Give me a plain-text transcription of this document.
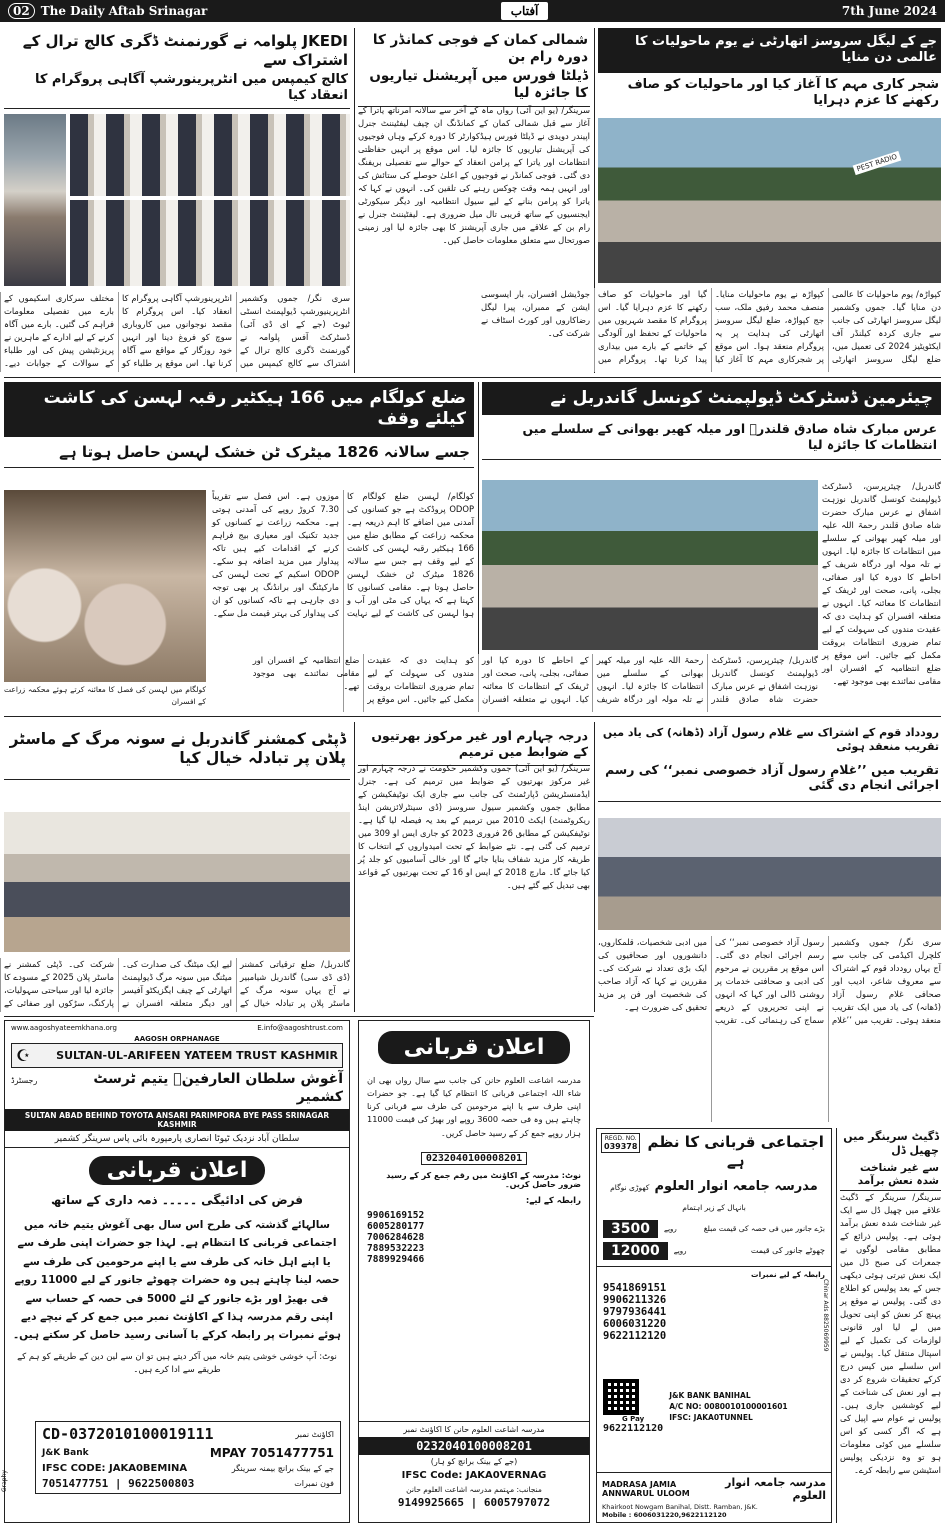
02 The Daily Aftab Srinagar	آفتاب	7th June 2024
JKEDI پلوامہ نے گورنمنٹ ڈگری کالج ترال کے اشتراک سے
کالج کیمپس میں انٹرپرینورشپ آگاہی پروگرام کا انعقاد کیا
سری نگر/ جموں وکشمیر انٹرپرینیورشپ ڈیولپمنٹ انسٹی ٹیوٹ (جے کے ای ڈی آئی) ڈسٹرکٹ آفس پلوامہ نے گورنمنٹ ڈگری کالج ترال کے اشتراک سے کالج کیمپس میں انٹرپرینورشپ آگاہی پروگرام کا انعقاد کیا۔ اس پروگرام کا مقصد نوجوانوں میں کاروباری سوچ کو فروغ دینا اور انہیں خود روزگار کے مواقع سے آگاہ کرنا تھا۔ اس موقع پر طلباء کو مختلف سرکاری اسکیموں کے بارے میں تفصیلی معلومات فراہم کی گئیں۔ بارے میں آگاہ کرنے کے لیے ادارے کے ماہرین نے پریزنٹیشن پیش کی اور طلباء کے سوالات کے جوابات دیے۔
شمالی کمان کے فوجی کمانڈر کا دورہ رام بن
ڈیلٹا فورس میں آپریشنل تیاریوں کا جائزہ لیا
سرینگر/ (یو این آئی) رواں ماہ کے آخر سے سالانہ امرناتھ یاترا کے آغاز سے قبل شمالی کمان کے کمانڈنگ ان چیف لیفٹیننٹ جنرل اپیندر دویدی نے ڈیلٹا فورس ہیڈکوارٹر کا دورہ کرکے وہاں فوجیوں کی آپریشنل تیاریوں کا جائزہ لیا۔ اس موقع پر انہیں حفاظتی انتظامات اور یاترا کے پرامن انعقاد کے حوالے سے تفصیلی بریفنگ دی گئی۔ فوجی کمانڈر نے فوجیوں کے اعلیٰ حوصلے کی ستائش کی اور انہیں ہمہ وقت چوکس رہنے کی تلقین کی۔ انہوں نے کہا کہ یاترا کو پرامن بنانے کے لیے سیول انتظامیہ اور دیگر سیکورٹی ایجنسیوں کے ساتھ قریبی تال میل ضروری ہے۔ لیفٹیننٹ جنرل نے رام بن کے علاقے میں جاری آپریشنز کا بھی جائزہ لیا اور زمینی صورتحال سے متعلق معلومات حاصل کیں۔
جے کے لیگل سروسز اتھارٹی نے یوم ماحولیات کا عالمی دن منایا
شجر کاری مہم کا آغاز کیا اور ماحولیات کو صاف رکھنے کا عزم دہرایا
PEST RADIO
کپواڑہ/ یوم ماحولیات کا عالمی دن منایا گیا۔ جموں وکشمیر لیگل سروسز اتھارٹی کی جانب سے جاری کردہ کیلنڈر آف ایکٹویٹیز 2024 کی تعمیل میں، ضلع لیگل سروسز اتھارٹی کپواڑہ نے یوم ماحولیات منایا۔ منصف محمد رفیق ملک، سب جج کپواڑہ، ضلع لیگل سروسز اتھارٹی کی ہدایت پر یہ پروگرام منعقد ہوا۔ اس موقع پر شجرکاری مہم کا آغاز کیا گیا اور ماحولیات کو صاف رکھنے کا عزم دہرایا گیا۔ اس پروگرام کا مقصد شہریوں میں ماحولیات کے تحفظ اور آلودگی کے خاتمے کے بارے میں بیداری پیدا کرنا تھا۔ پروگرام میں جوڈیشل افسران، بار ایسوسی ایشن کے ممبران، پیرا لیگل رضاکاروں اور کورٹ اسٹاف نے شرکت کی۔
ضلع کولگام میں 166 ہیکٹیر رقبہ لہسن کی کاشت کیلئے وقف
جسے سالانہ 1826 میٹرک ٹن خشک لہسن حاصل ہوتا ہے
کولگام میں لہسن کی فصل کا معائنہ کرتے ہوئے محکمہ زراعت کے افسران
کولگام/ لہسن ضلع کولگام کا ODOP پروڈکٹ ہے جو کسانوں کی آمدنی میں اضافے کا اہم ذریعہ ہے۔ محکمہ زراعت کے مطابق ضلع میں 166 ہیکٹیر رقبہ لہسن کی کاشت کے لیے وقف ہے جس سے سالانہ 1826 میٹرک ٹن خشک لہسن حاصل ہوتا ہے۔ مقامی کسانوں کا کہنا ہے کہ یہاں کی مٹی اور آب و ہوا لہسن کی کاشت کے لیے نہایت موزوں ہے۔ اس فصل سے تقریباً 7.30 کروڑ روپے کی آمدنی ہوتی ہے۔ محکمہ زراعت نے کسانوں کو جدید تکنیک اور معیاری بیج فراہم کرنے کے اقدامات کیے ہیں تاکہ پیداوار میں مزید اضافہ ہو سکے۔ ODOP اسکیم کے تحت لہسن کی مارکیٹنگ اور برانڈنگ پر بھی توجہ دی جارہی ہے تاکہ کسانوں کو ان کی پیداوار کی بہتر قیمت مل سکے۔
چیئرمین ڈسٹرکٹ ڈیولپمنٹ کونسل گاندربل نے
عرس مبارک شاہ صادق قلندرؒ اور میلہ کھیر بھوانی کے سلسلے میں انتظامات کا جائزہ لیا
گاندربل/ چیئرپرسن، ڈسٹرکٹ ڈیولپمنٹ کونسل گاندربل نوزہت اشفاق نے عرس مبارک حضرت شاہ صادق قلندر رحمۃ اللہ علیہ اور میلہ کھیر بھوانی کے سلسلے میں انتظامات کا جائزہ لیا۔ انہوں نے تلہ مولہ اور درگاہ شریف کے احاطے کا دورہ کیا اور صفائی، بجلی، پانی، صحت اور ٹریفک کے انتظامات کا معائنہ کیا۔ انہوں نے متعلقہ افسران کو ہدایت دی کہ عقیدت مندوں کی سہولت کے لیے تمام ضروری انتظامات بروقت مکمل کیے جائیں۔ اس موقع پر ضلع انتظامیہ کے افسران اور مقامی نمائندے بھی موجود تھے۔
گاندربل/ چیئرپرسن، ڈسٹرکٹ ڈیولپمنٹ کونسل گاندربل نوزہت اشفاق نے عرس مبارک حضرت شاہ صادق قلندر رحمۃ اللہ علیہ اور میلہ کھیر بھوانی کے سلسلے میں انتظامات کا جائزہ لیا۔ انہوں نے تلہ مولہ اور درگاہ شریف کے احاطے کا دورہ کیا اور صفائی، بجلی، پانی، صحت اور ٹریفک کے انتظامات کا معائنہ کیا۔ انہوں نے متعلقہ افسران کو ہدایت دی کہ عقیدت مندوں کی سہولت کے لیے تمام ضروری انتظامات بروقت مکمل کیے جائیں۔ اس موقع پر ضلع انتظامیہ کے افسران اور مقامی نمائندے بھی موجود تھے۔
ڈپٹی کمشنر گاندربل نے سونہ مرگ کے ماسٹر پلان پر تبادلہ خیال کیا
گاندربل/ ضلع ترقیاتی کمشنر (ڈی ڈی سی) گاندربل شیامبیر نے آج یہاں سونہ مرگ کے ماسٹر پلان پر تبادلہ خیال کے لیے ایک میٹنگ کی صدارت کی۔ میٹنگ میں سونہ مرگ ڈیولپمنٹ اتھارٹی کے چیف ایگزیکٹو آفیسر اور دیگر متعلقہ افسران نے شرکت کی۔ ڈپٹی کمشنر نے ماسٹر پلان 2025 کے مسودے کا جائزہ لیا اور سیاحتی سہولیات، پارکنگ، سڑکوں اور صفائی کے
درجہ چہارم اور غیر مرکوز بھرتیوں کے ضوابط میں ترمیم
سرینگر/ (یو این آئی) جموں وکشمیر حکومت نے درجہ چہارم اور غیر مرکوز بھرتیوں کے ضوابط میں ترمیم کی ہے۔ جنرل ایڈمنسٹریشن ڈپارٹمنٹ کی جانب سے جاری ایک نوٹیفکیشن کے مطابق جموں وکشمیر سیول سروسز (ڈی سینٹرلائزیشن اینڈ ریکروٹمنٹ) ایکٹ 2010 میں ترمیم کے بعد یہ فیصلہ لیا گیا ہے۔ نوٹیفکیشن کے مطابق 26 فروری 2023 کو جاری ایس او 309 میں ترمیم کی گئی ہے۔ نئے ضوابط کے تحت امیدواروں کے انتخاب کا طریقہ کار مزید شفاف بنایا جائے گا اور خالی آسامیوں کو جلد پُر کیا جائے گا۔ مارچ 2018 کے ایس او 16 کے تحت بھرتیوں کے قواعد بھی تبدیل کیے گئے ہیں۔
رودداد قوم کے اشتراک سے غلام رسول آزاد (ڈھانہ) کی یاد میں تقریب منعقد ہوئی
تقریب میں ’’غلام رسول آزاد خصوصی نمبر‘‘ کی رسم اجرائی انجام دی گئی
سری نگر/ جموں وکشمیر کلچرل اکیڈمی کی جانب سے آج یہاں رودداد قوم کے اشتراک سے معروف شاعر، ادیب اور صحافی غلام رسول آزاد (ڈھانہ) کی یاد میں ایک تقریب منعقد ہوئی۔ تقریب میں ’’غلام رسول آزاد خصوصی نمبر‘‘ کی رسم اجرائی انجام دی گئی۔ اس موقع پر مقررین نے مرحوم کی ادبی و صحافتی خدمات پر روشنی ڈالی اور کہا کہ انہوں نے اپنی تحریروں کے ذریعے سماج کی رہنمائی کی۔ تقریب میں ادبی شخصیات، قلمکاروں، دانشوروں اور صحافیوں کی ایک بڑی تعداد نے شرکت کی۔ مقررین نے کہا کہ آزاد صاحب کی شخصیت اور فن پر مزید تحقیق کی ضرورت ہے۔
www.aagoshyateemkhana.org	E.info@aagoshtrust.com
AAGOSH ORPHANAGE
☪ SULTAN-UL-ARIFEEN YATEEM TRUST KASHMIR
آغوش سلطان العارفینؒ یتیم ٹرسٹ کشمیر
رجسٹرڈ
SULTAN ABAD BEHIND TOYOTA ANSARI PARIMPORA BYE PASS SRINAGAR KASHMIR
سلطان آباد نزدیک ٹیوٹا انصاری پارمپورہ بائی پاس سرینگر کشمیر
اعلان قربانی
فرض کی ادائیگی ۔۔۔۔۔ ذمہ داری کے ساتھ
سالہائے گذشتہ کی طرح اس سال بھی آغوش یتیم خانہ میں اجتماعی قربانی کا انتظام ہے۔ لہذا جو حضرات اپنی طرف سے یا اپنے اہل خانہ کی طرف سے یا اپنے مرحومین کی طرف سے حصہ لینا چاہتے ہیں وہ حضرات چھوٹے جانور کے لیے 11000 روپے فی بھیڑ اور بڑے جانور کے لئے 5000 فی حصہ کے حساب سے اپنی رقم مدرسہ ہذا کے اکاؤنٹ نمبر میں جمع کر کے نیچے دیے ہوئے نمبرات پر رابطہ کرکے با آسانی رسید حاصل کر سکتے ہیں۔
نوٹ: آپ خوشی خوشی یتیم خانہ میں آکر دیتے ہیں تو ان سے لین دین کے طریقے کو ہم کے طریقے سے ادا کرے ہیں۔
CD-0372010100019111	اکاؤنٹ نمبر
J&K Bank	MPAY 7051477751
IFSC CODE: JAKA0BEMINA	جے کے بینک برانچ بیمنہ سرینگر
7051477751 | 9622500803	فون نمبرات
Graphy
اعلان قربانی
مدرسہ اشاعت العلوم حانن کی جانب سے سال رواں بھی ان شاء اللہ اجتماعی قربانی کا انتظام کیا گیا ہے۔ جو حضرات اپنی طرف سے یا اپنے مرحومین کی طرف سے قربانی کرنا چاہتے ہیں وہ فی حصہ 3600 روپے اور بھیڑ کی قیمت 11000 ہزار روپے جمع کر کے رسید حاصل کریں۔
0232040100008201
نوٹ: مدرسہ کے اکاؤنٹ میں رقم جمع کر کے رسید ضرور حاصل کریں۔
رابطہ کے لیے:
9906169152
6005280177
7006284628
7889532223
7889929466
مدرسہ اشاعت العلوم حانن کا اکاؤنٹ نمبر
0232040100008201
(جے کے بینک برانچ کو ہار)
IFSC Code: JAKA0VERNAG
منجانب: مہتمم مدرسہ اشاعت العلوم حانن
9149925665 | 6005797072
ڈگیٹ سرینگر میں چھیل ڈل
سے غیر شناخت شدہ نعش برآمد
سرینگر/ سرینگر کے ڈگیٹ علاقے میں چھیل ڈل سے ایک غیر شناخت شدہ نعش برآمد ہوئی ہے۔ پولیس ذرائع کے مطابق مقامی لوگوں نے جمعرات کی صبح ڈل میں ایک نعش تیرتی ہوئی دیکھی جس کے بعد پولیس کو اطلاع دی گئی۔ پولیس نے موقع پر پہنچ کر نعش کو اپنی تحویل میں لے لیا اور قانونی لوازمات کی تکمیل کے لیے اسپتال منتقل کیا۔ پولیس نے اس سلسلے میں کیس درج کرکے تحقیقات شروع کر دی ہے اور نعش کی شناخت کے لیے کوششیں جاری ہیں۔ پولیس نے عوام سے اپیل کی ہے کہ اگر کسی کو اس سلسلے میں کوئی معلومات ہو تو وہ نزدیکی پولیس اسٹیشن سے رابطہ کرے۔
REGD. NO.
039378 اجتماعی قربانی کا نظم ہے
مدرسہ جامعہ انوار العلوم کھوڑی نوگام بانہال کے زیر اہتمام
3500	روپے	بڑے جانور میں فی حصہ کی قیمت مبلغ
12000	روپے	چھوٹے جانور کی قیمت
رابطہ کے لیے نمبرات
9541869151
9906211326
9797936441
6006031220
9622112120
G Pay
9622112120
J&K BANK BANIHAL
A/C NO: 0080010100001601
IFSC: JAKA0TUNNEL
Chinar Ads 8825069959
MADRASA JAMIA ANNWARUL ULOOM
مدرسہ جامعہ انوار العلوم
Khairkoot Nowgam Banihal, Distt. Ramban, J&K.
Mobile : 6006031220,9622112120
